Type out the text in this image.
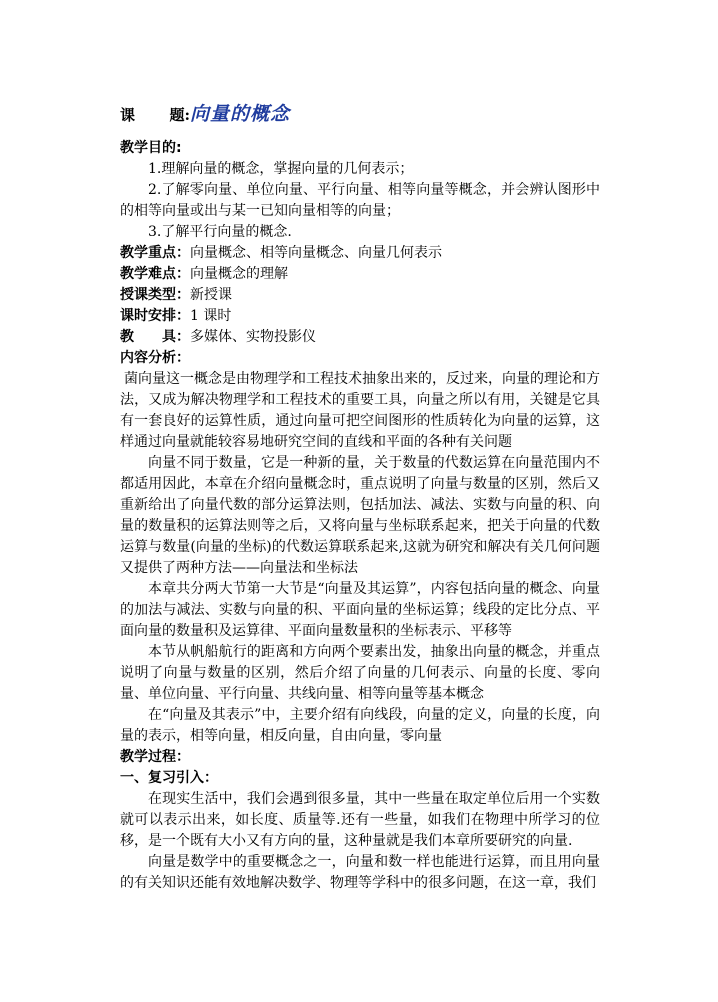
课 题 : 向量的概念
教学目的:
1.理解向量的概念，掌握向量的几何表示；
2.了解零向量、单位向量、平行向量、相等向量等概念，并会辨认图形中的相等向量或出与某一已知向量相等的向量；
3.了解平行向量的概念.
教学重点：向量概念、相等向量概念、向量几何表示
教学难点：向量概念的理解
授课类型：新授课
课时安排：1 课时
教 具：多媒体、实物投影仪
内容分析：
菌向量这一概念是由物理学和工程技术抽象出来的，反过来，向量的理论和方法，又成为解决物理学和工程技术的重要工具，向量之所以有用，关键是它具有一套良好的运算性质，通过向量可把空间图形的性质转化为向量的运算，这样通过向量就能较容易地研究空间的直线和平面的各种有关问题
向量不同于数量，它是一种新的量，关于数量的代数运算在向量范围内不都适用因此，本章在介绍向量概念时，重点说明了向量与数量的区别，然后又重新给出了向量代数的部分运算法则，包括加法、减法、实数与向量的积、向量的数量积的运算法则等之后，又将向量与坐标联系起来，把关于向量的代数运算与数量(向量的坐标)的代数运算联系起来,这就为研究和解决有关几何问题又提供了两种方法——向量法和坐标法
本章共分两大节第一大节是“向量及其运算”，内容包括向量的概念、向量的加法与减法、实数与向量的积、平面向量的坐标运算；线段的定比分点、平面向量的数量积及运算律、平面向量数量积的坐标表示、平移等
本节从帆船航行的距离和方向两个要素出发，抽象出向量的概念，并重点说明了向量与数量的区别，然后介绍了向量的几何表示、向量的长度、零向量、单位向量、平行向量、共线向量、相等向量等基本概念
在“向量及其表示”中，主要介绍有向线段，向量的定义，向量的长度，向量的表示，相等向量，相反向量，自由向量，零向量
教学过程：
一、复习引入：
在现实生活中，我们会遇到很多量，其中一些量在取定单位后用一个实数就可以表示出来，如长度、质量等.还有一些量，如我们在物理中所学习的位移，是一个既有大小又有方向的量，这种量就是我们本章所要研究的向量.
向量是数学中的重要概念之一，向量和数一样也能进行运算，而且用向量的有关知识还能有效地解决数学、物理等学科中的很多问题，在这一章，我们
